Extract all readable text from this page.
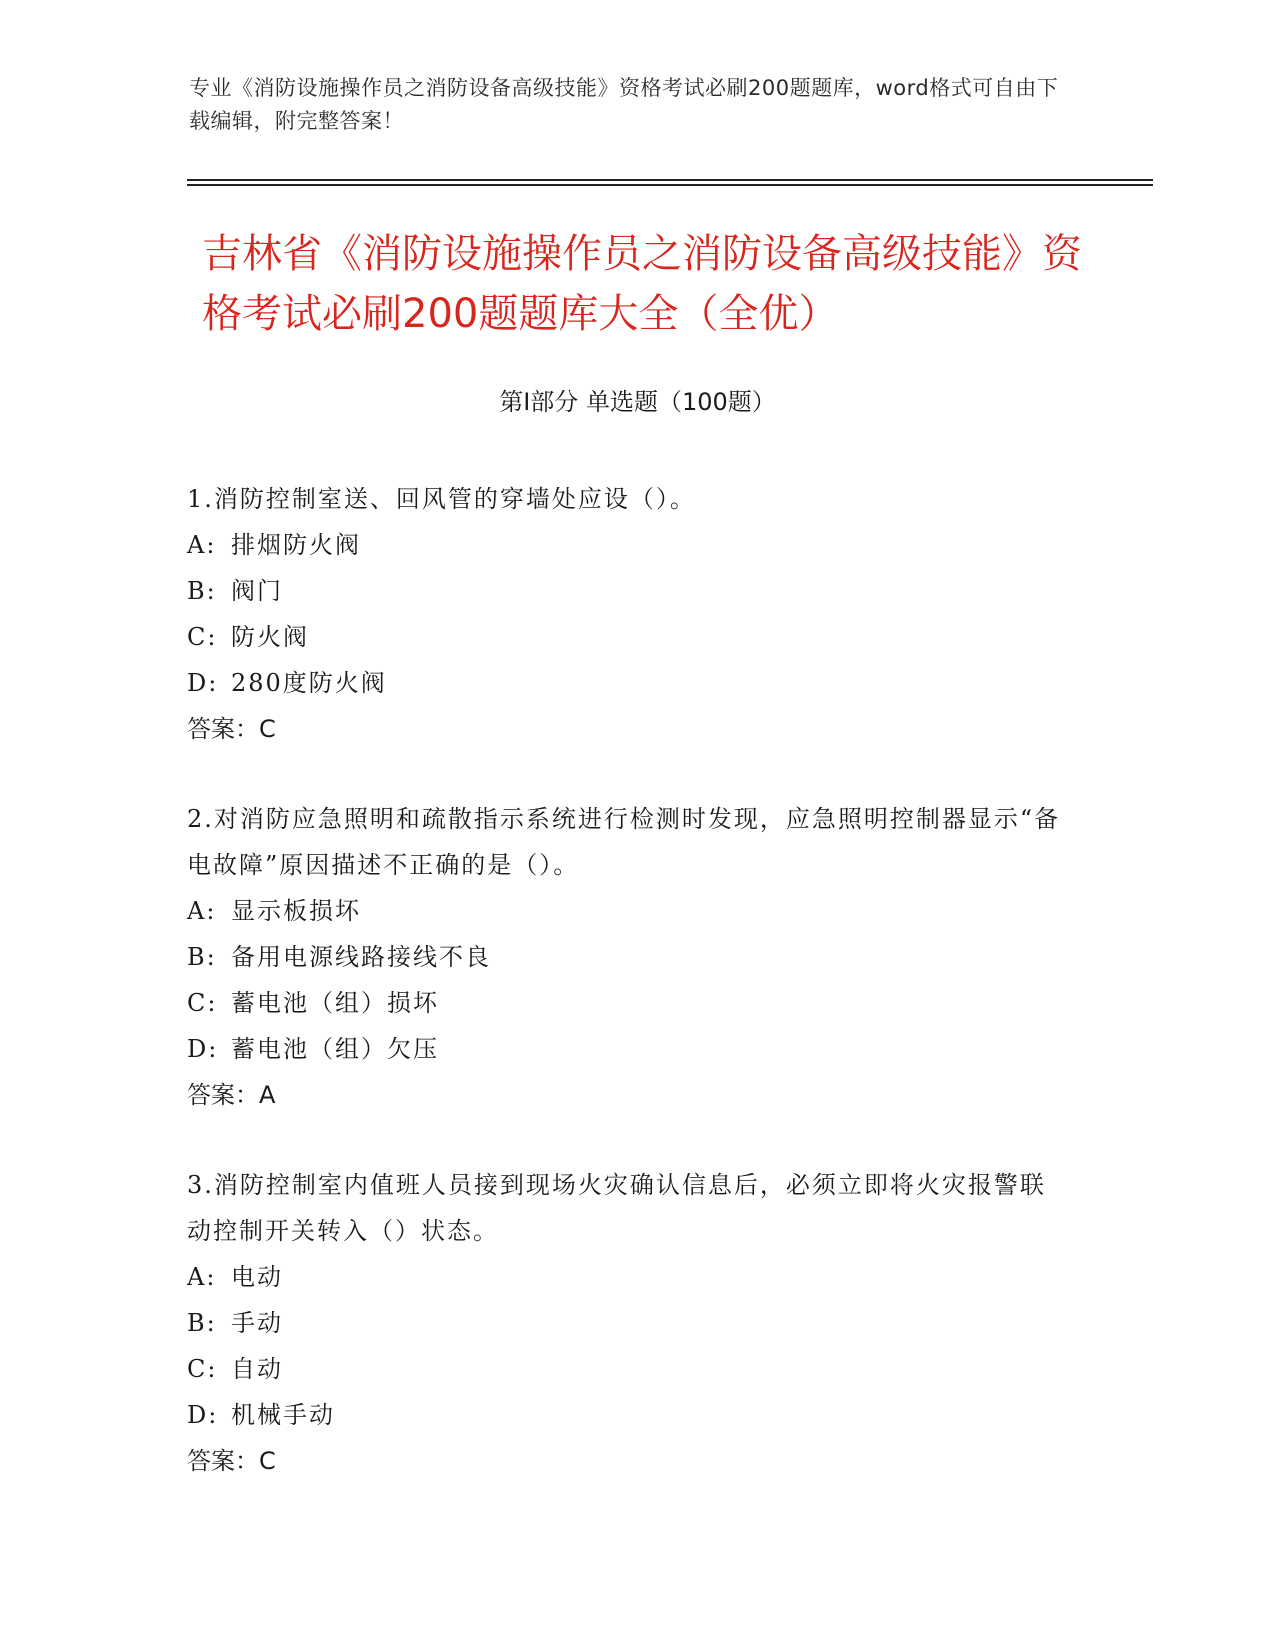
专业《消防设施操作员之消防设备高级技能》资格考试必刷200题题库，word格式可自由下载编辑，附完整答案！
吉林省《消防设施操作员之消防设备高级技能》资格考试必刷200题题库大全（全优）
第Ⅰ部分 单选题（100题）

1.消防控制室送、回风管的穿墙处应设（）。

A: 排烟防火阀
B: 阀门
C: 防火阀
D: 280度防火阀
答案：C

2.对消防应急照明和疏散指示系统进行检测时发现，应急照明控制器显示“备电故障”原因描述不正确的是（）。

A: 显示板损坏
B: 备用电源线路接线不良
C: 蓄电池（组）损坏
D: 蓄电池（组）欠压
答案：A

3.消防控制室内值班人员接到现场火灾确认信息后，必须立即将火灾报警联动控制开关转入（）状态。

A: 电动
B: 手动
C: 自动
D: 机械手动
答案：C
